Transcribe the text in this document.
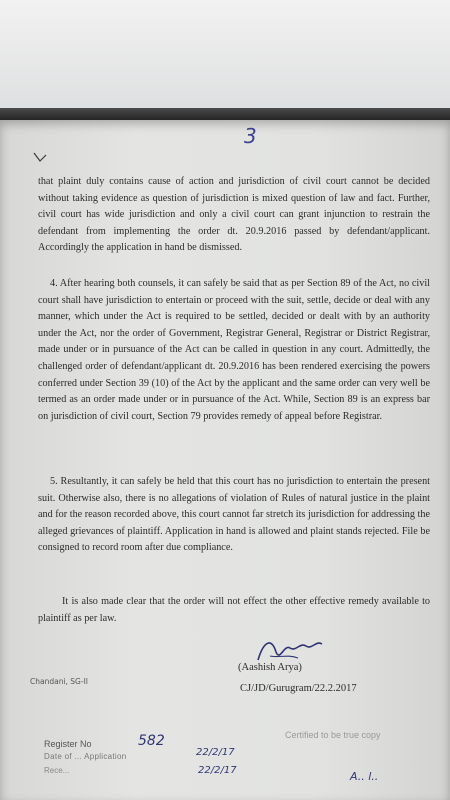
3
that plaint duly contains cause of action and jurisdiction of civil court cannot be decided without taking evidence as question of jurisdiction is mixed question of law and fact. Further, civil court has wide jurisdiction and only a civil court can grant injunction to restrain the defendant from implementing the order dt. 20.9.2016 passed by defendant/applicant. Accordingly the application in hand be dismissed.
4. After hearing both counsels, it can safely be said that as per Section 89 of the Act, no civil court shall have jurisdiction to entertain or proceed with the suit, settle, decide or deal with any manner, which under the Act is required to be settled, decided or dealt with by an authority under the Act, nor the order of Government, Registrar General, Registrar or District Registrar, made under or in pursuance of the Act can be called in question in any court. Admittedly, the challenged order of defendant/applicant dt. 20.9.2016 has been rendered exercising the powers conferred under Section 39 (10) of the Act by the applicant and the same order can very well be termed as an order made under or in pursuance of the Act. While, Section 89 is an express bar on jurisdiction of civil court, Section 79 provides remedy of appeal before Registrar.
5. Resultantly, it can safely be held that this court has no jurisdiction to entertain the present suit. Otherwise also, there is no allegations of violation of Rules of natural justice in the plaint and for the reason recorded above, this court cannot far stretch its jurisdiction for addressing the alleged grievances of plaintiff. Application in hand is allowed and plaint stands rejected. File be consigned to record room after due compliance.
It is also made clear that the order will not effect the other effective remedy available to plaintiff as per law.
(Aashish Arya)
CJ/JD/Gurugram/22.2.2017
Chandani, SG-II
Register No	582
Date of ... Application
Rece...
22/2/17
22/2/17
Certified to be true copy
A.. l..
